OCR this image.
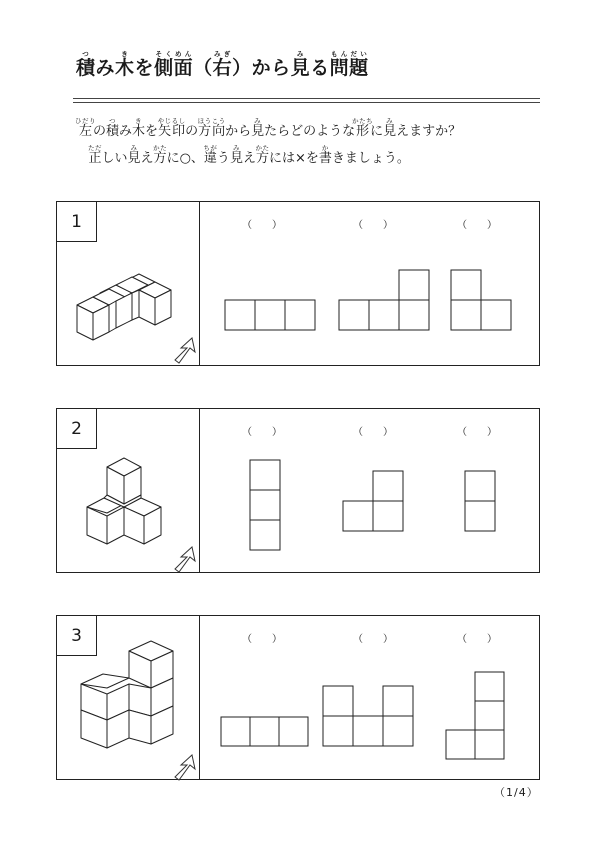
積つみ木きを側面そくめん（右みぎ）から見みる問題もんだい
左ひだりの積つみ木きを矢印やじるしの方向ほうこうから見みたらどのような形かたちに見みえますか？
正ただしい見みえ方かたに○、違ちがう見みえ方かたには×を書かきましょう。
1	（　　）	（　　）	（　　）
2	（　　）	（　　）	（　　）
3	（　　）	（　　）	（　　）
（1/4）
